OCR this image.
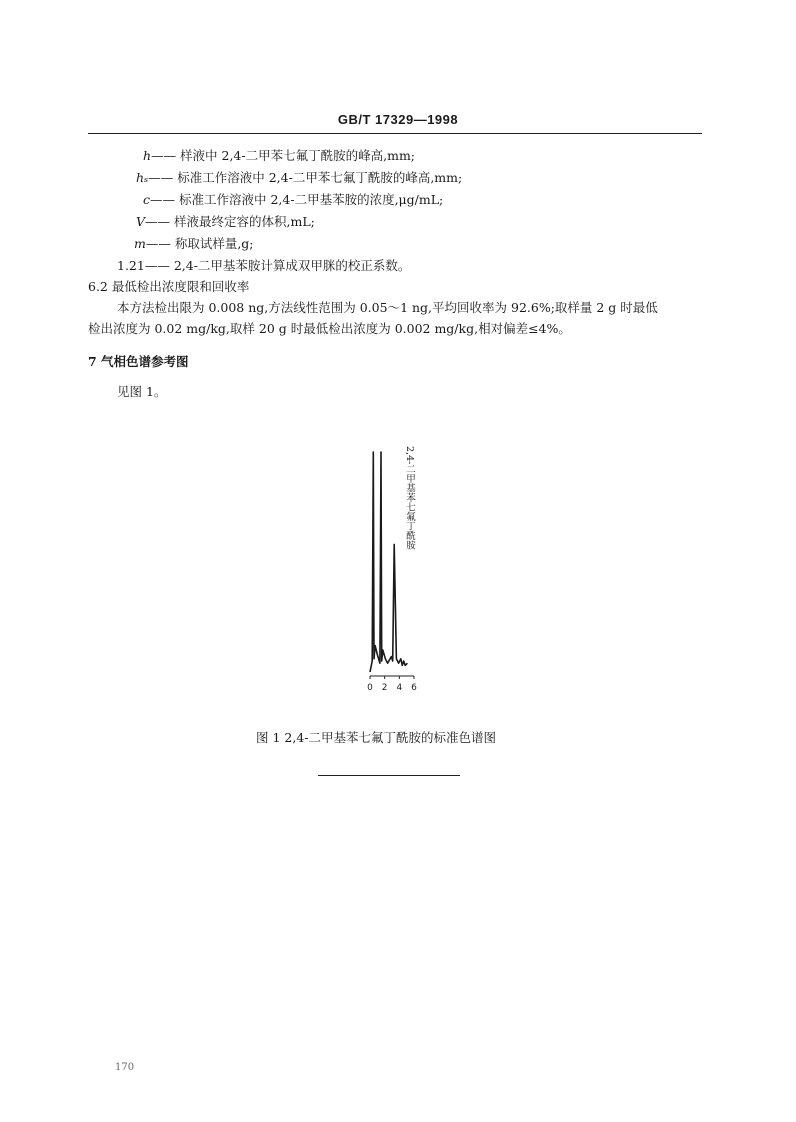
GB/T 17329—1998
h—— 样液中 2,4-二甲苯七氟丁酰胺的峰高,mm;
hₛ—— 标准工作溶液中 2,4-二甲苯七氟丁酰胺的峰高,mm;
c—— 标准工作溶液中 2,4-二甲基苯胺的浓度,μg/mL;
V—— 样液最终定容的体积,mL;
m—— 称取试样量,g;
1.21—— 2,4-二甲基苯胺计算成双甲脒的校正系数。
6.2 最低检出浓度限和回收率
本方法检出限为 0.008 ng,方法线性范围为 0.05～1 ng,平均回收率为 92.6%;取样量 2 g 时最低
检出浓度为 0.02 mg/kg,取样 20 g 时最低检出浓度为 0.002 mg/kg,相对偏差≤4%。
7 气相色谱参考图
见图 1。
0 2 4 6
2,4-二甲基苯七氟丁酰胺
图 1 2,4-二甲基苯七氟丁酰胺的标准色谱图
170
